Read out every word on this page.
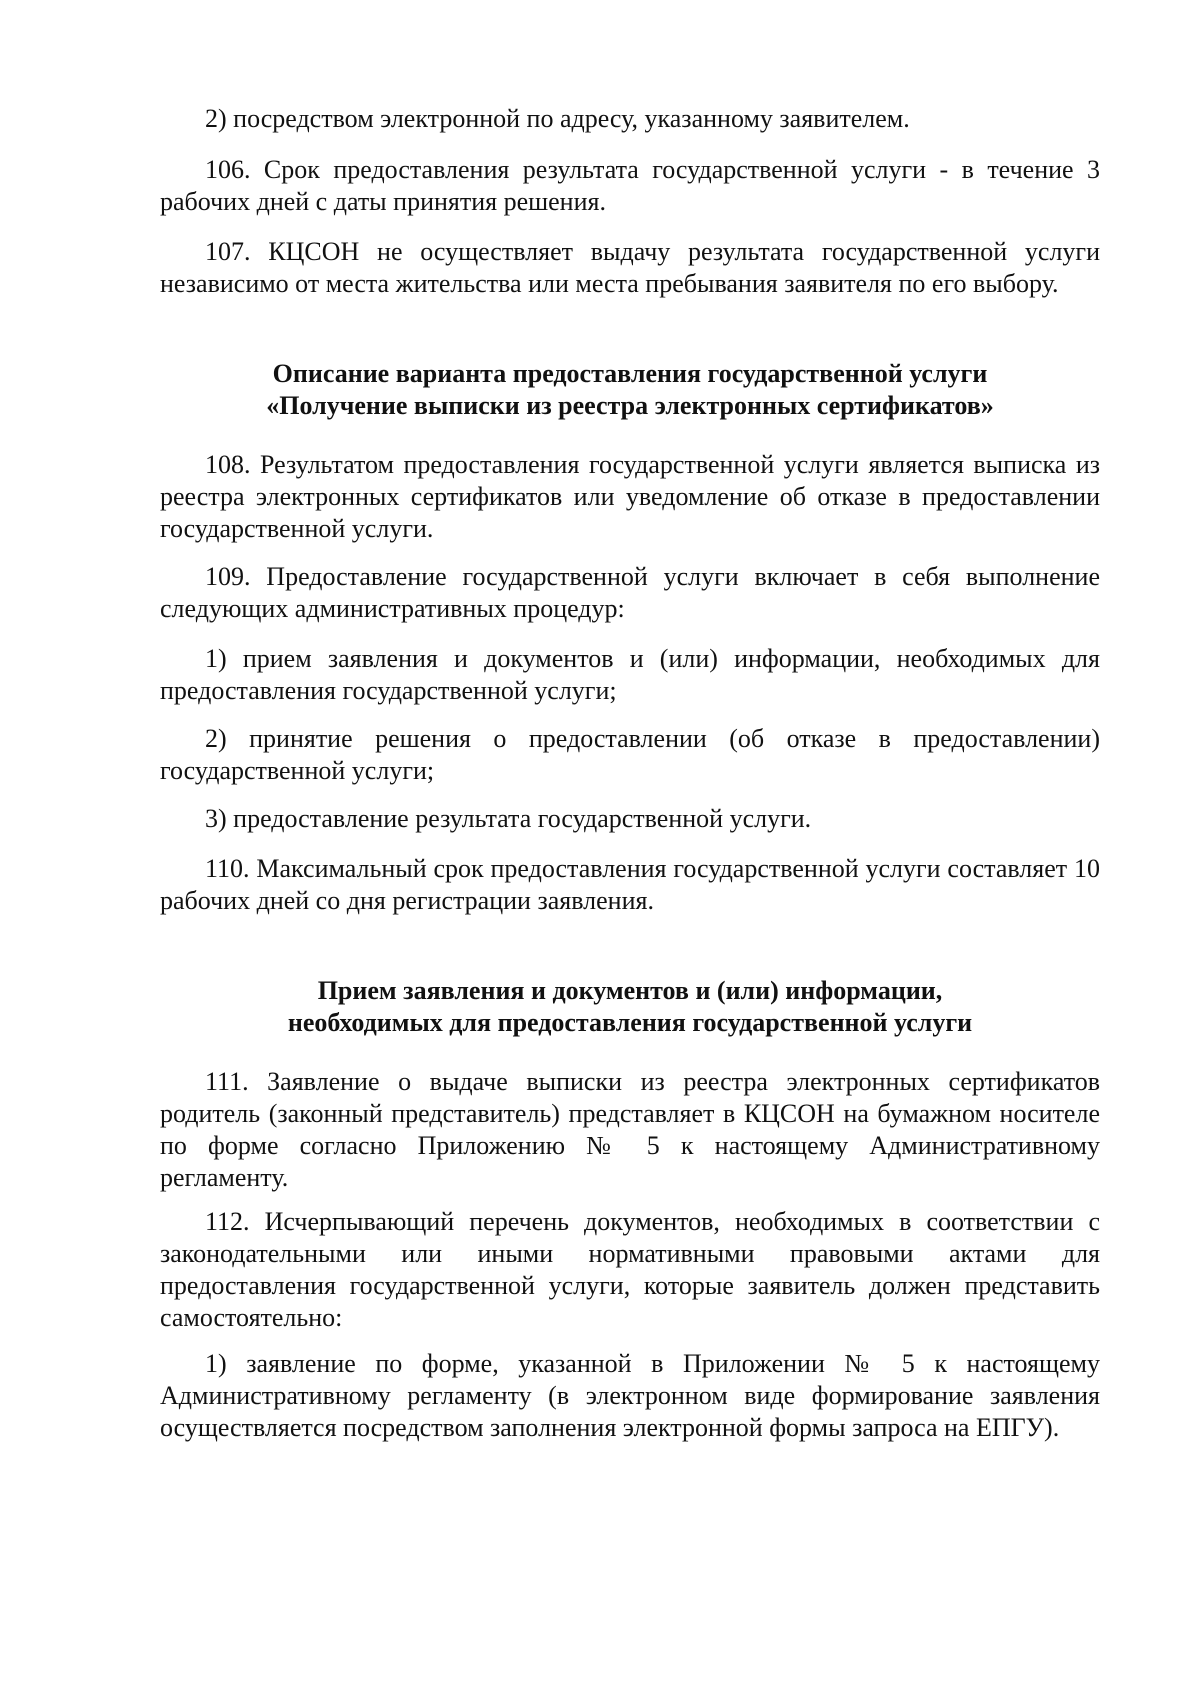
2) посредством электронной по адресу, указанному заявителем.

106. Срок предоставления результата государственной услуги - в течение 3 рабочих дней с даты принятия решения.

107. КЦСОН не осуществляет выдачу результата государственной услуги независимо от места жительства или места пребывания заявителя по его выбору.

Описание варианта предоставления государственной услуги
«Получение выписки из реестра электронных сертификатов»

108. Результатом предоставления государственной услуги является выписка из реестра электронных сертификатов или уведомление об отказе в предоставлении государственной услуги.

109. Предоставление государственной услуги включает в себя выполнение следующих административных процедур:

1) прием заявления и документов и (или) информации, необходимых для предоставления государственной услуги;

2) принятие решения о предоставлении (об отказе в предоставлении) государственной услуги;

3) предоставление результата государственной услуги.

110. Максимальный срок предоставления государственной услуги составляет 10 рабочих дней со дня регистрации заявления.

Прием заявления и документов и (или) информации,
необходимых для предоставления государственной услуги

111. Заявление о выдаче выписки из реестра электронных сертификатов родитель (законный представитель) представляет в КЦСОН на бумажном носителе по форме согласно Приложению № 5 к настоящему Административному регламенту.

112. Исчерпывающий перечень документов, необходимых в соответствии с законодательными или иными нормативными правовыми актами для предоставления государственной услуги, которые заявитель должен представить самостоятельно:

1) заявление по форме, указанной в Приложении № 5 к настоящему Административному регламенту (в электронном виде формирование заявления осуществляется посредством заполнения электронной формы запроса на ЕПГУ).
